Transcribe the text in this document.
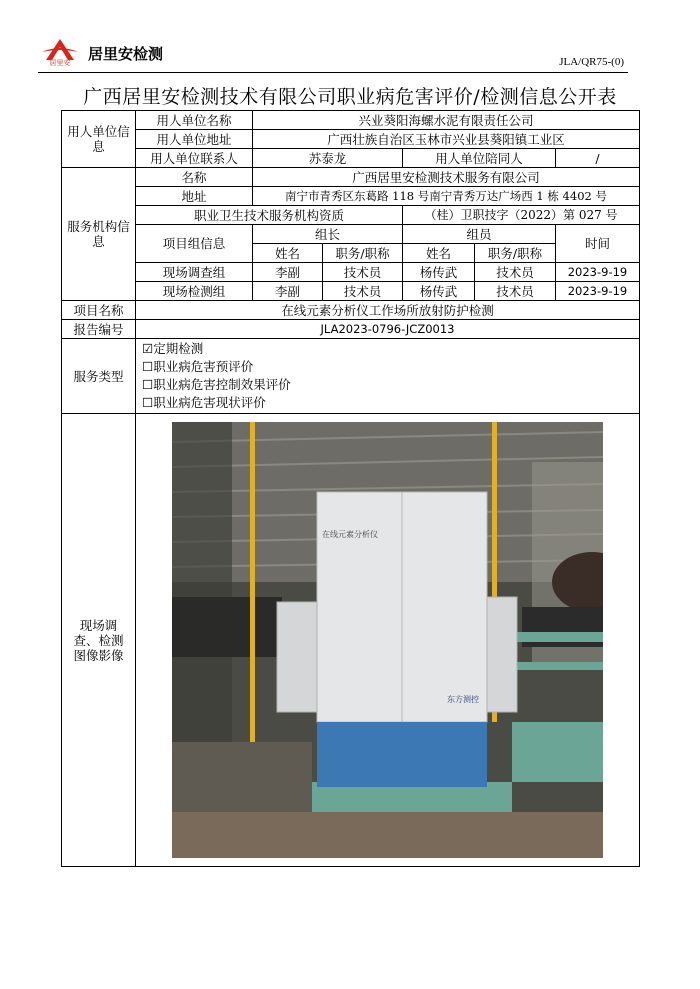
居里安 居里安检测	JLA/QR75-(0)
广西居里安检测技术有限公司职业病危害评价/检测信息公开表
用人单位信息	用人单位名称	兴业葵阳海螺水泥有限责任公司				
	用人单位地址	广西壮族自治区玉林市兴业县葵阳镇工业区				
	用人单位联系人	苏泰龙		用人单位陪同人		/
服务机构信息	名称	广西居里安检测技术服务有限公司				
	地址	南宁市青秀区东葛路 118 号南宁青秀万达广场西 1 栋 4402 号				
	职业卫生技术服务机构资质			（桂）卫职技字（2022）第 027 号		
	项目组信息	组长		组员		时间
		姓名	职务/职称	姓名	职务/职称	
	现场调查组	李副	技术员	杨传武	技术员	2023-9-19
	现场检测组	李副	技术员	杨传武	技术员	2023-9-19
项目名称	在线元素分析仪工作场所放射防护检测					
报告编号	JLA2023-0796-JCZ0013					
服务类型	☑定期检测
☐职业病危害预评价
☐职业病危害控制效果评价
☐职业病危害现状评价					

现场调查、检测图像影像	在线元素分析仪
东方测控					
